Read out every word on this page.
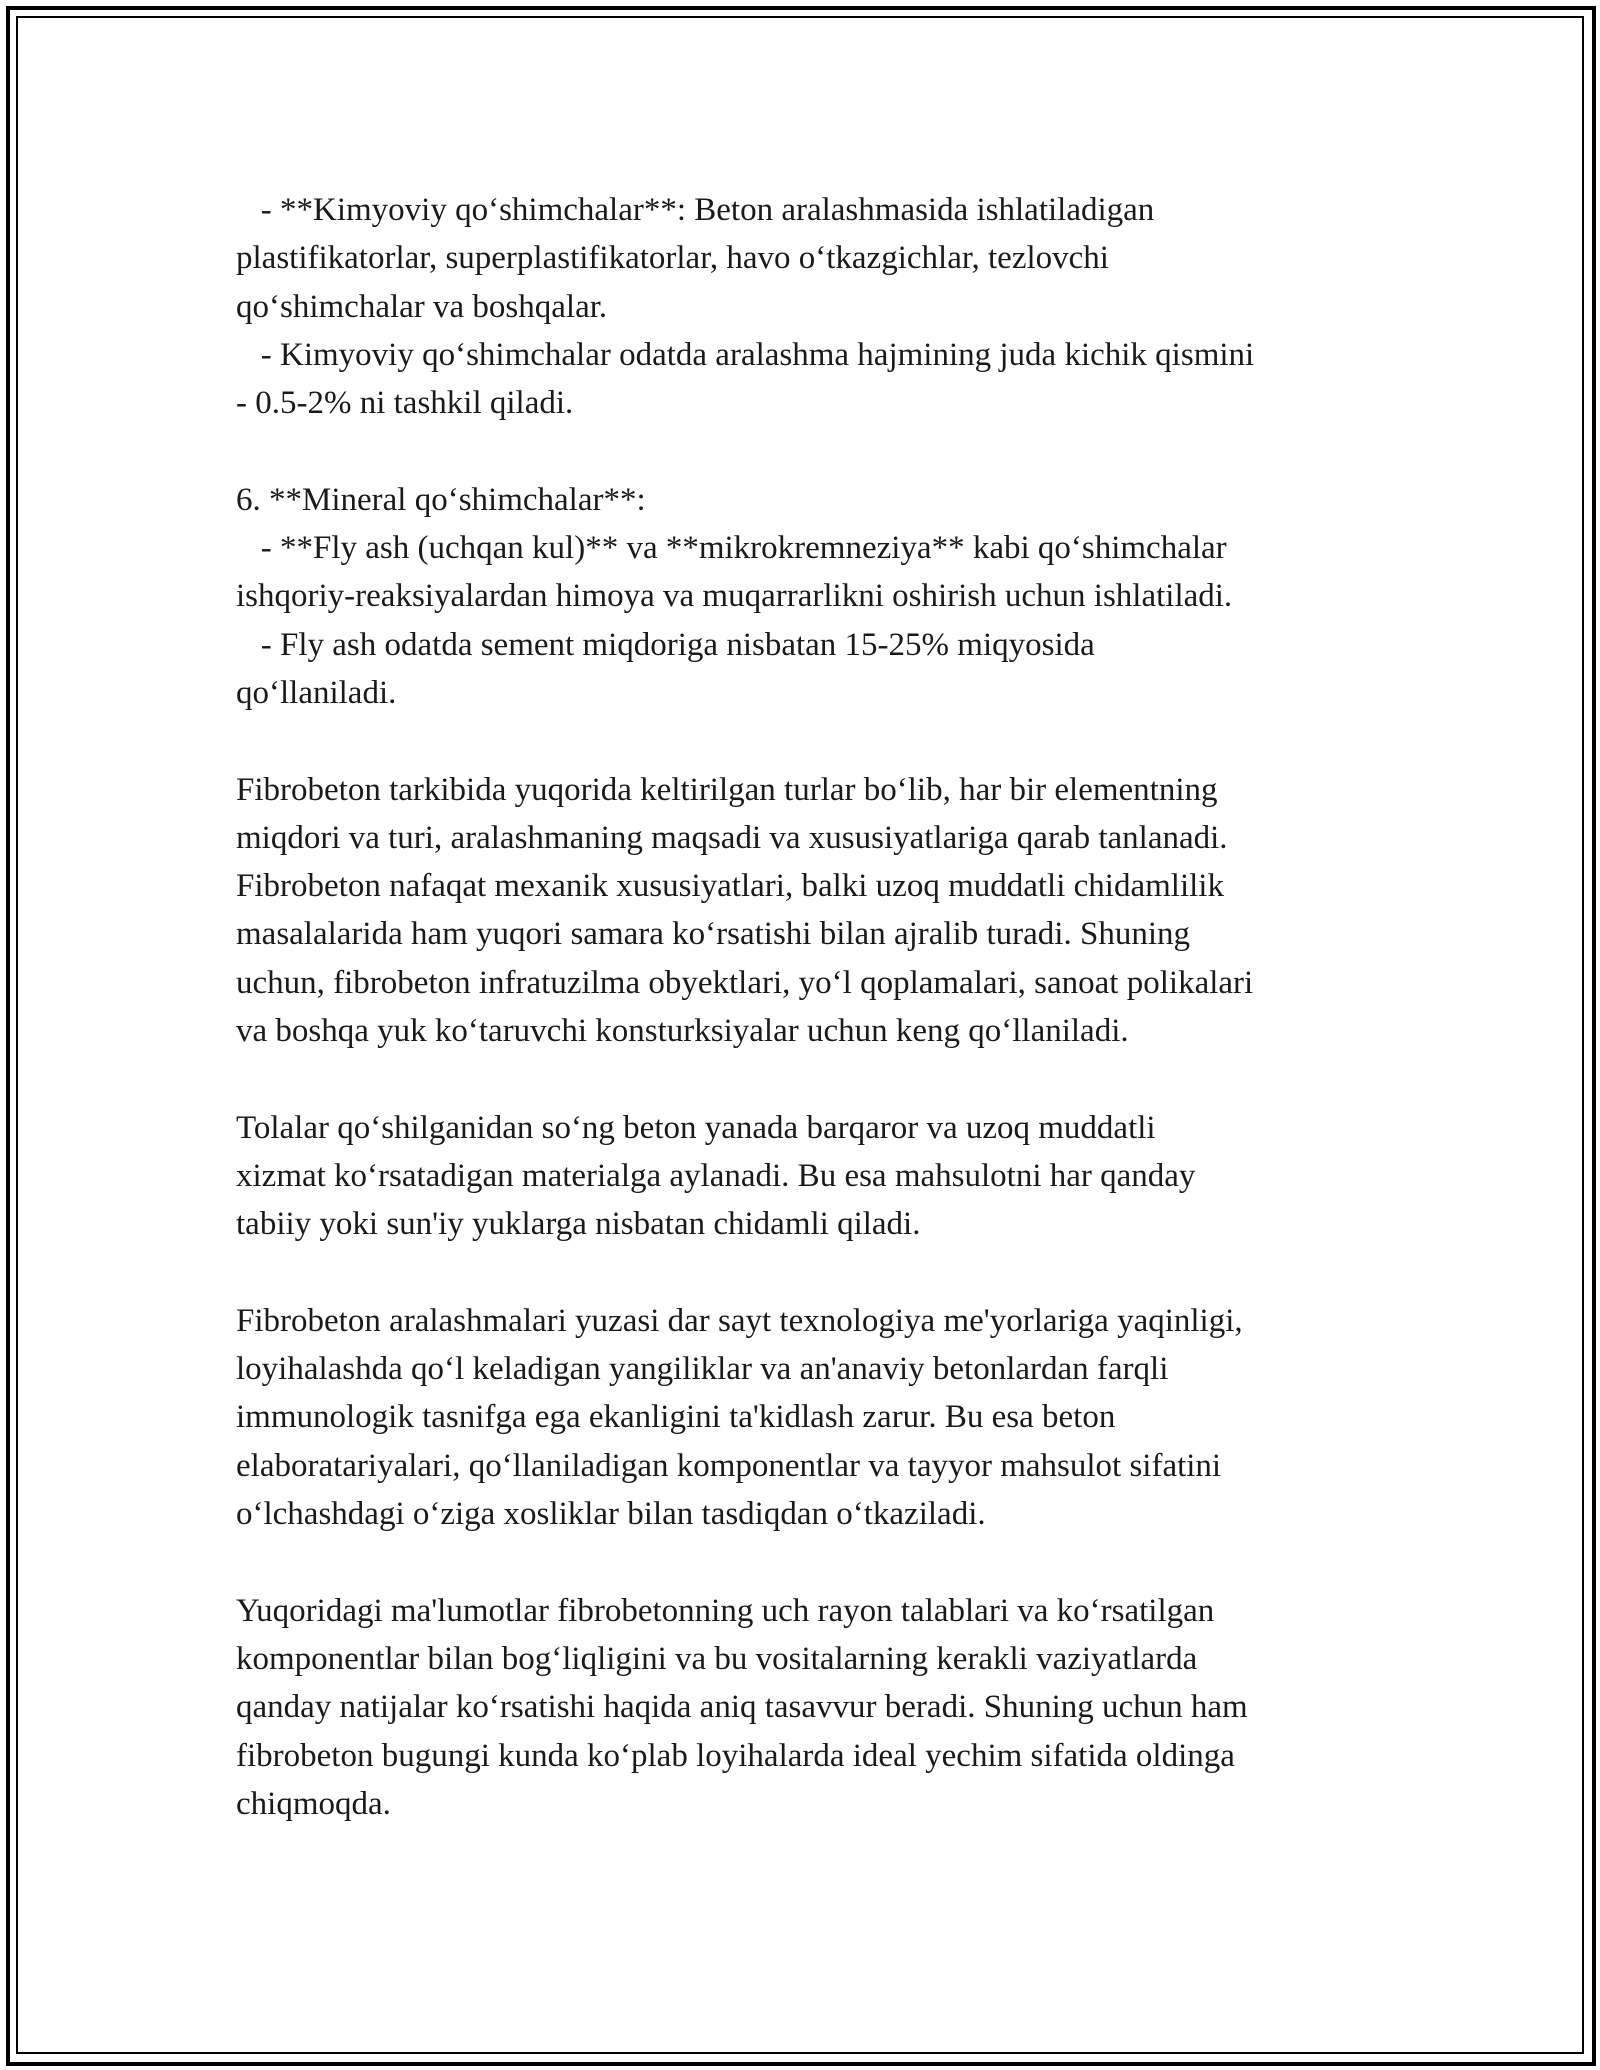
- **Kimyoviy qo‘shimchalar**: Beton aralashmasida ishlatiladigan
plastifikatorlar, superplastifikatorlar, havo o‘tkazgichlar, tezlovchi
qo‘shimchalar va boshqalar.
- Kimyoviy qo‘shimchalar odatda aralashma hajmining juda kichik qismini
- 0.5-2% ni tashkil qiladi.
6. **Mineral qo‘shimchalar**:
- **Fly ash (uchqan kul)** va **mikrokremneziya** kabi qo‘shimchalar
ishqoriy-reaksiyalardan himoya va muqarrarlikni oshirish uchun ishlatiladi.
- Fly ash odatda sement miqdoriga nisbatan 15-25% miqyosida
qo‘llaniladi.
Fibrobeton tarkibida yuqorida keltirilgan turlar bo‘lib, har bir elementning
miqdori va turi, aralashmaning maqsadi va xususiyatlariga qarab tanlanadi.
Fibrobeton nafaqat mexanik xususiyatlari, balki uzoq muddatli chidamlilik
masalalarida ham yuqori samara ko‘rsatishi bilan ajralib turadi. Shuning
uchun, fibrobeton infratuzilma obyektlari, yo‘l qoplamalari, sanoat polikalari
va boshqa yuk ko‘taruvchi konsturksiyalar uchun keng qo‘llaniladi.
Tolalar qo‘shilganidan so‘ng beton yanada barqaror va uzoq muddatli
xizmat ko‘rsatadigan materialga aylanadi. Bu esa mahsulotni har qanday
tabiiy yoki sun'iy yuklarga nisbatan chidamli qiladi.
Fibrobeton aralashmalari yuzasi dar sayt texnologiya me'yorlariga yaqinligi,
loyihalashda qo‘l keladigan yangiliklar va an'anaviy betonlardan farqli
immunologik tasnifga ega ekanligini ta'kidlash zarur. Bu esa beton
elaboratariyalari, qo‘llaniladigan komponentlar va tayyor mahsulot sifatini
o‘lchashdagi o‘ziga xosliklar bilan tasdiqdan o‘tkaziladi.
Yuqoridagi ma'lumotlar fibrobetonning uch rayon talablari va ko‘rsatilgan
komponentlar bilan bog‘liqligini va bu vositalarning kerakli vaziyatlarda
qanday natijalar ko‘rsatishi haqida aniq tasavvur beradi. Shuning uchun ham
fibrobeton bugungi kunda ko‘plab loyihalarda ideal yechim sifatida oldinga
chiqmoqda.
